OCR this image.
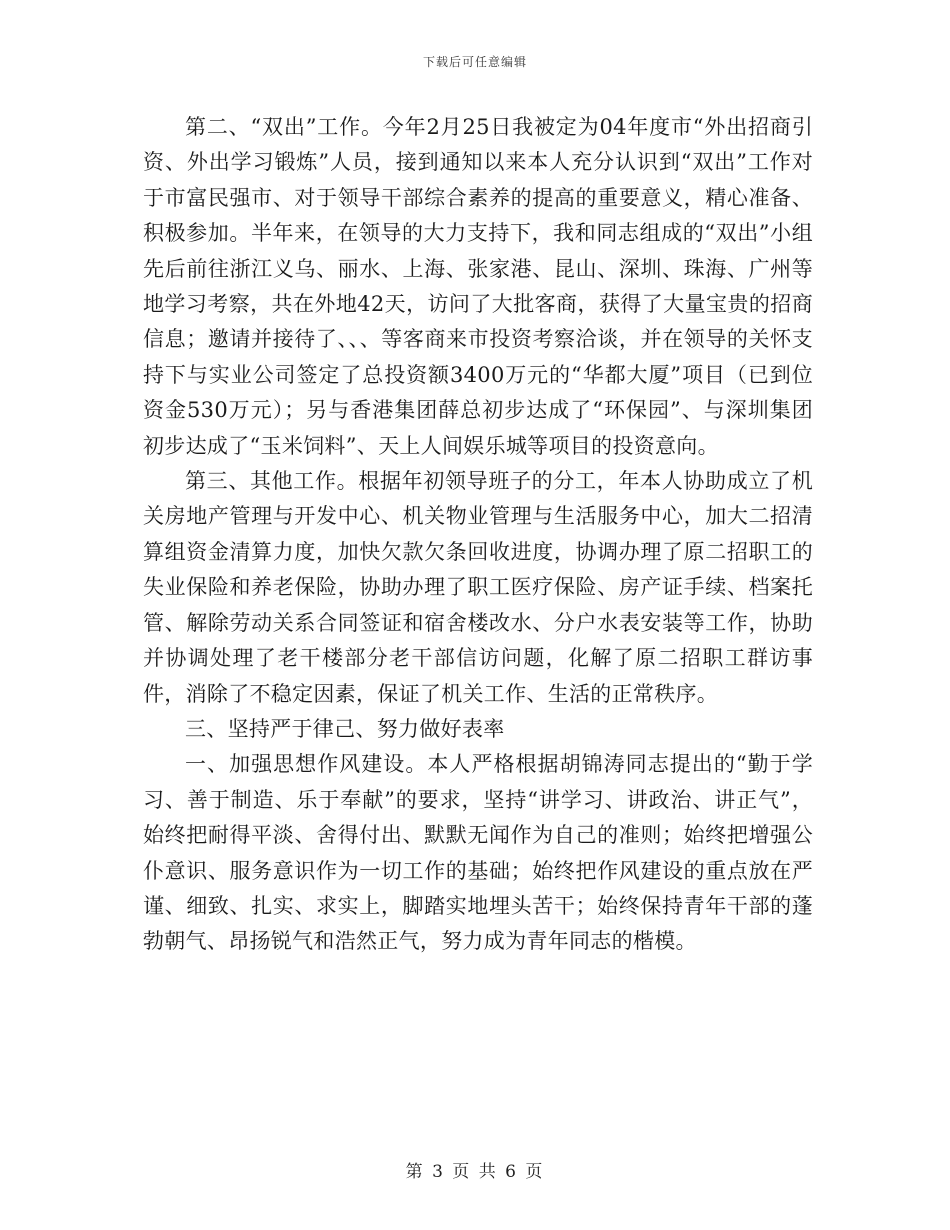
下载后可任意编辑

第二、“双出”工作。今年2月25日我被定为04年度市“外出招商引资、外出学习锻炼”人员，接到通知以来本人充分认识到“双出”工作对于市富民强市、对于领导干部综合素养的提高的重要意义，精心准备、积极参加。半年来，在领导的大力支持下，我和同志组成的“双出”小组先后前往浙江义乌、丽水、上海、张家港、昆山、深圳、珠海、广州等地学习考察，共在外地42天，访问了大批客商，获得了大量宝贵的招商信息；邀请并接待了、、、等客商来市投资考察洽谈，并在领导的关怀支持下与实业公司签定了总投资额3400万元的“华都大厦”项目（已到位资金530万元）；另与香港集团薛总初步达成了“环保园”、与深圳集团初步达成了“玉米饲料”、天上人间娱乐城等项目的投资意向。

第三、其他工作。根据年初领导班子的分工，年本人协助成立了机关房地产管理与开发中心、机关物业管理与生活服务中心，加大二招清算组资金清算力度，加快欠款欠条回收进度，协调办理了原二招职工的失业保险和养老保险，协助办理了职工医疗保险、房产证手续、档案托管、解除劳动关系合同签证和宿舍楼改水、分户水表安装等工作，协助并协调处理了老干楼部分老干部信访问题，化解了原二招职工群访事件，消除了不稳定因素，保证了机关工作、生活的正常秩序。

三、坚持严于律己、努力做好表率

一、加强思想作风建设。本人严格根据胡锦涛同志提出的“勤于学习、善于制造、乐于奉献”的要求，坚持“讲学习、讲政治、讲正气”，始终把耐得平淡、舍得付出、默默无闻作为自己的准则；始终把增强公仆意识、服务意识作为一切工作的基础；始终把作风建设的重点放在严谨、细致、扎实、求实上，脚踏实地埋头苦干；始终保持青年干部的蓬勃朝气、昂扬锐气和浩然正气，努力成为青年同志的楷模。

第 3 页 共 6 页
